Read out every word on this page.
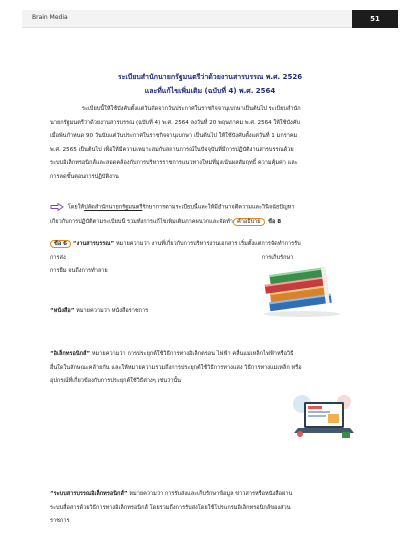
Brain Media	51
ระเบียบสำนักนายกรัฐมนตรีว่าด้วยงานสารบรรณ พ.ศ. 2526
และที่แก้ไขเพิ่มเติม (ฉบับที่ 4) พ.ศ. 2564
ระเบียบนี้ให้ใช้บังคับตั้งแต่วันถัดจากวันประกาศในราชกิจจานุเบกษาเป็นต้นไป ระเบียบสำนัก
นายกรัฐมนตรีว่าด้วยงานสารบรรณ (ฉบับที่ 4) พ.ศ. 2564 ลงวันที่ 20 พฤษภาคม พ.ศ. 2564 ให้ใช้บังคับ
เมื่อพ้นกำหนด 90 วันนับแต่วันประกาศในราชกิจจานุเบกษา เป็นต้นไป ให้ใช้บังคับตั้งแต่วันที่ 1 มกราคม
พ.ศ. 2565 เป็นต้นไป เพื่อให้มีความเหมาะสมกับสถานการณ์ในปัจจุบันที่มีการปฏิบัติงานสารบรรณด้วย
ระบบอิเล็กทรอนิกส์และสอดคล้องกับการบริหารราชการแนวทางใหม่ที่มุ่งเน้นผลสัมฤทธิ์ ความคุ้มค่า และ
การลดขั้นตอนการปฏิบัติงาน
โดยให้ปลัดสำนักนายกรัฐมนตรีรักษาการตามระเบียบนี้และให้มีอำนาจตีความและวินิจฉัยปัญหา
เกี่ยวกับการปฏิบัติตามระเบียบนี้ รวมทั้งการแก้ไขเพิ่มเติมภาคผนวกและจัดทำ คำอธิบาย ข้อ 8
ข้อ 6 “งานสารบรรณ” หมายความว่า งานที่เกี่ยวกับการบริหารงานเอกสาร เริ่มตั้งแต่การจัดทำการรับ
การส่ง	การเก็บรักษา
การยืม จนถึงการทำลาย
“หนังสือ” หมายความว่า หนังสือราชการ
“อิเล็กทรอนิกส์” หมายความว่า การประยุกต์ใช้วิธีการทางอิเล็กตรอน ไฟฟ้า คลื่นแม่เหล็กไฟฟ้าหรือวิธี
อื่นใดในลักษณะคล้ายกัน และให้หมายความรวมถึงการประยุกต์ใช้วิธีการทางแสง วิธีการทางแม่เหล็ก หรือ
อุปกรณ์ที่เกี่ยวข้องกับการประยุกต์ใช้วิธีต่างๆ เช่นว่านั้น
“ระบบสารบรรณอิเล็กทรอนิกส์” หมายความว่า การรับส่งและเก็บรักษาข้อมูล ข่าวสารหรือหนังสือผ่าน
ระบบสื่อสารด้วยวิธีการทางอิเล็กทรอนิกส์ โดยรวมถึงการรับส่งโดยใช้โปรแกรมอิเล็กทรอนิกส์ของส่วน
ราชการ
